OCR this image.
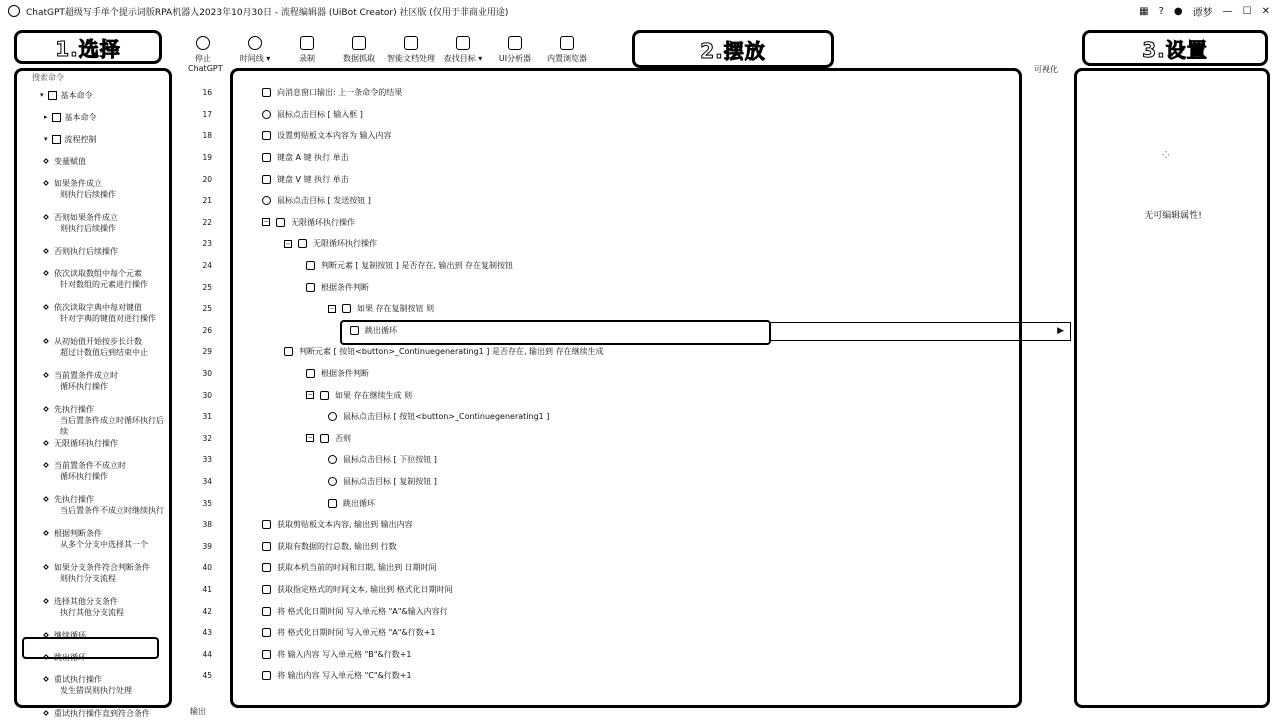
ChatGPT超级写手单个提示词版RPA机器人2023年10月30日 - 流程编辑器 (UiBot Creator) 社区版 (仅用于非商业用途)	▦ ? ● 谭梦 — ☐ ✕
停止	时间线 ▾	录制	数据抓取 智能文档处理 查找目标 ▾ UI分析器 内置浏览器
1.选择	2.摆放	3.设置
搜索命令
▾ 基本命令
▸ 基本命令
▾ 流程控制
变量赋值
如果条件成立
则执行后续操作
否则如果条件成立
则执行后续操作
否则执行后续操作
依次读取数组中每个元素
针对数组的元素进行操作
依次读取字典中每对键值
针对字典的键值对进行操作
从初始值开始按步长计数
超过计数值后到结束中止
当前置条件成立时
循环执行操作
先执行操作
当后置条件成立时循环执行后续
无限循环执行操作
当前置条件不成立时
循环执行操作
先执行操作
当后置条件不成立时继续执行
根据判断条件
从多个分支中选择其一个
如果分支条件符合判断条件
则执行分支流程
选择其他分支条件
执行其他分支流程
继续循环
跳出循环
重试执行操作
发生错误则执行处理
重试执行操作直到符合条件
ChatGPT	可视化
16	向消息窗口输出: 上一条命令的结果
17	鼠标点击目标 [ 输入框 ]
18	设置剪贴板文本内容为 输入内容
19	键盘 A 键 执行 单击
20	键盘 V 键 执行 单击
21	鼠标点击目标 [ 发送按钮 ]
22	−	无限循环执行操作
23	−	无限循环执行操作
24	判断元素 [ 复制按钮 ] 是否存在, 输出到 存在复制按钮
25	根据条件判断
25	−	如果 存在复制按钮 则
26	跳出循环
29	判断元素 [ 按钮<button>_Continuegenerating1 ] 是否存在, 输出到 存在继续生成
30	根据条件判断
30	−	如果 存在继续生成 则
31	鼠标点击目标 [ 按钮<button>_Continuegenerating1 ]
32	−	否则
33	鼠标点击目标 [ 下拉按钮 ]
34	鼠标点击目标 [ 复制按钮 ]
35	跳出循环
38	获取剪贴板文本内容, 输出到 输出内容
39	获取有数据的行总数, 输出到 行数
40	获取本机当前的时间和日期, 输出到 日期时间
41	获取指定格式的时间文本, 输出到 格式化日期时间
42	将 格式化日期时间 写入单元格 "A"&输入内容行
43	将 格式化日期时间 写入单元格 "A"&行数+1
44	将 输入内容 写入单元格 "B"&行数+1
45	将 输出内容 写入单元格 "C"&行数+1
▶
⁘
无可编辑属性!
输出
